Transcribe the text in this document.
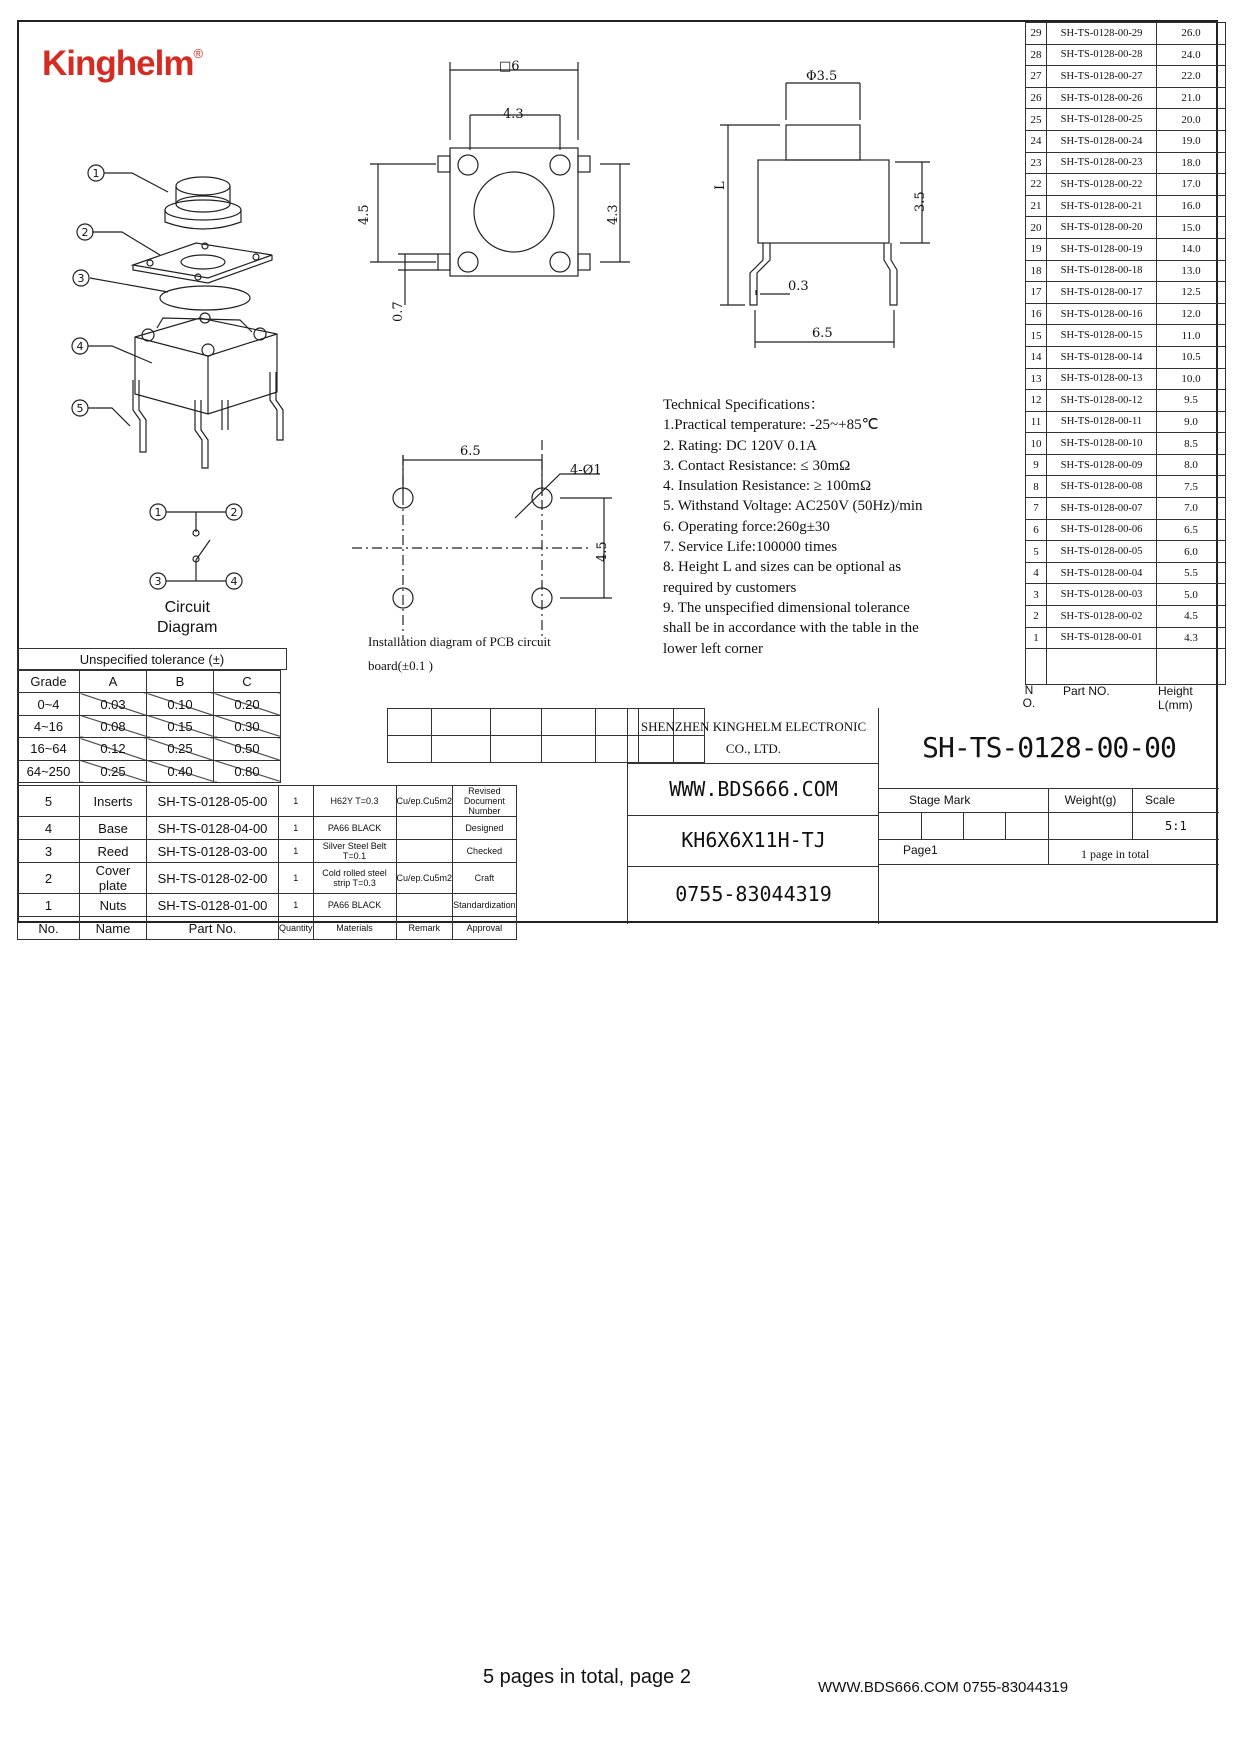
Kinghelm®
□6
4.3
4.5	4.3
0.7
Φ3.5
L
3.5
0.3
6.5
6.5
4-Ø1
4.5
1
2
3
4
5
1	2
3	4
Circuit
Diagram
Installation diagram of PCB circuit
board(±0.1 )
Technical Specifications：
1.Practical temperature: -25~+85℃
2. Rating: DC 120V 0.1A
3. Contact Resistance: ≤ 30mΩ
4. Insulation Resistance: ≥ 100mΩ
5. Withstand Voltage: AC250V (50Hz)/min
6. Operating force:260g±30
7. Service Life:100000 times
8. Height L and sizes can be optional as
required by customers
9. The unspecified dimensional tolerance
shall be in accordance with the table in the
lower left corner
29	SH-TS-0128-00-29	26.0
28	SH-TS-0128-00-28	24.0
27	SH-TS-0128-00-27	22.0
26	SH-TS-0128-00-26	21.0
25	SH-TS-0128-00-25	20.0
24	SH-TS-0128-00-24	19.0
23	SH-TS-0128-00-23	18.0
22	SH-TS-0128-00-22	17.0
21	SH-TS-0128-00-21	16.0
20	SH-TS-0128-00-20	15.0
19	SH-TS-0128-00-19	14.0
18	SH-TS-0128-00-18	13.0
17	SH-TS-0128-00-17	12.5
16	SH-TS-0128-00-16	12.0
15	SH-TS-0128-00-15	11.0
14	SH-TS-0128-00-14	10.5
13	SH-TS-0128-00-13	10.0
12	SH-TS-0128-00-12	9.5
11	SH-TS-0128-00-11	9.0
10	SH-TS-0128-00-10	8.5
9	SH-TS-0128-00-09	8.0
8	SH-TS-0128-00-08	7.5
7	SH-TS-0128-00-07	7.0
6	SH-TS-0128-00-06	6.5
5	SH-TS-0128-00-05	6.0
4	SH-TS-0128-00-04	5.5
3	SH-TS-0128-00-03	5.0
2	SH-TS-0128-00-02	4.5
1	SH-TS-0128-00-01	4.3

N
O.
Part NO.	Height
L(mm)
Unspecified tolerance (±)
Grade	A	B	C
0~4	0.03	0.10	0.20
4~16	0.08	0.15	0.30
16~64	0.12	0.25	0.50
64~250	0.25	0.40	0.80
5	Inserts	SH-TS-0128-05-00	1	H62Y T=0.3	Cu/ep.Cu5m2	Revised Document Number
4	Base	SH-TS-0128-04-00	1	PA66 BLACK		Designed
3	Reed	SH-TS-0128-03-00	1	Silver Steel Belt T=0.1		Checked
2	Cover plate	SH-TS-0128-02-00	1	Cold rolled steel strip T=0.3	Cu/ep.Cu5m2	Craft
1	Nuts	SH-TS-0128-01-00	1	PA66 BLACK		Standardization
No.	Name	Part No.	Quantity	Materials	Remark	Approval

SHENZHEN KINGHELM ELECTRONIC
CO., LTD.
WWW.BDS666.COM
KH6X6X11H-TJ
0755-83044319
SH-TS-0128-00-00
Stage Mark	Weight(g)	Scale
5:1
Page1	1 page in total
5 pages in total, page 2	WWW.BDS666.COM 0755-83044319
